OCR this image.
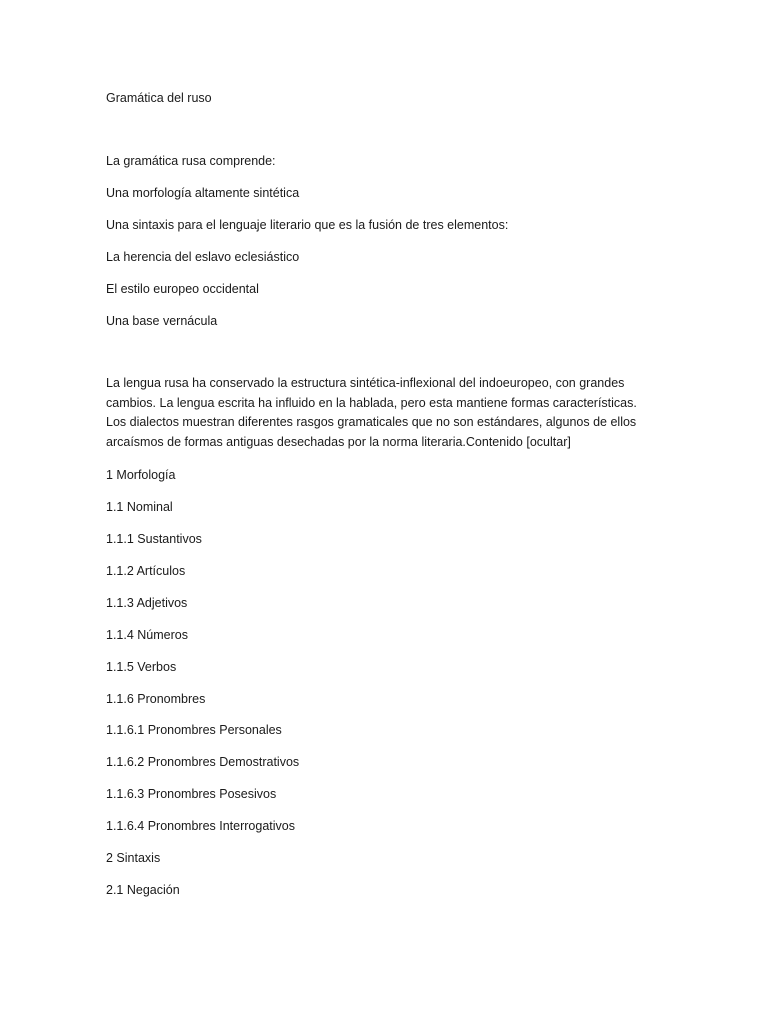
Gramática del ruso

La gramática rusa comprende:

Una morfología altamente sintética

Una sintaxis para el lenguaje literario que es la fusión de tres elementos:

La herencia del eslavo eclesiástico

El estilo europeo occidental

Una base vernácula

La lengua rusa ha conservado la estructura sintética-inflexional del indoeuropeo, con grandes
cambios. La lengua escrita ha influido en la hablada, pero esta mantiene formas características.
Los dialectos muestran diferentes rasgos gramaticales que no son estándares, algunos de ellos
arcaísmos de formas antiguas desechadas por la norma literaria.Contenido [ocultar]

1 Morfología

1.1 Nominal

1.1.1 Sustantivos

1.1.2 Artículos

1.1.3 Adjetivos

1.1.4 Números

1.1.5 Verbos

1.1.6 Pronombres

1.1.6.1 Pronombres Personales

1.1.6.2 Pronombres Demostrativos

1.1.6.3 Pronombres Posesivos

1.1.6.4 Pronombres Interrogativos

2 Sintaxis

2.1 Negación
